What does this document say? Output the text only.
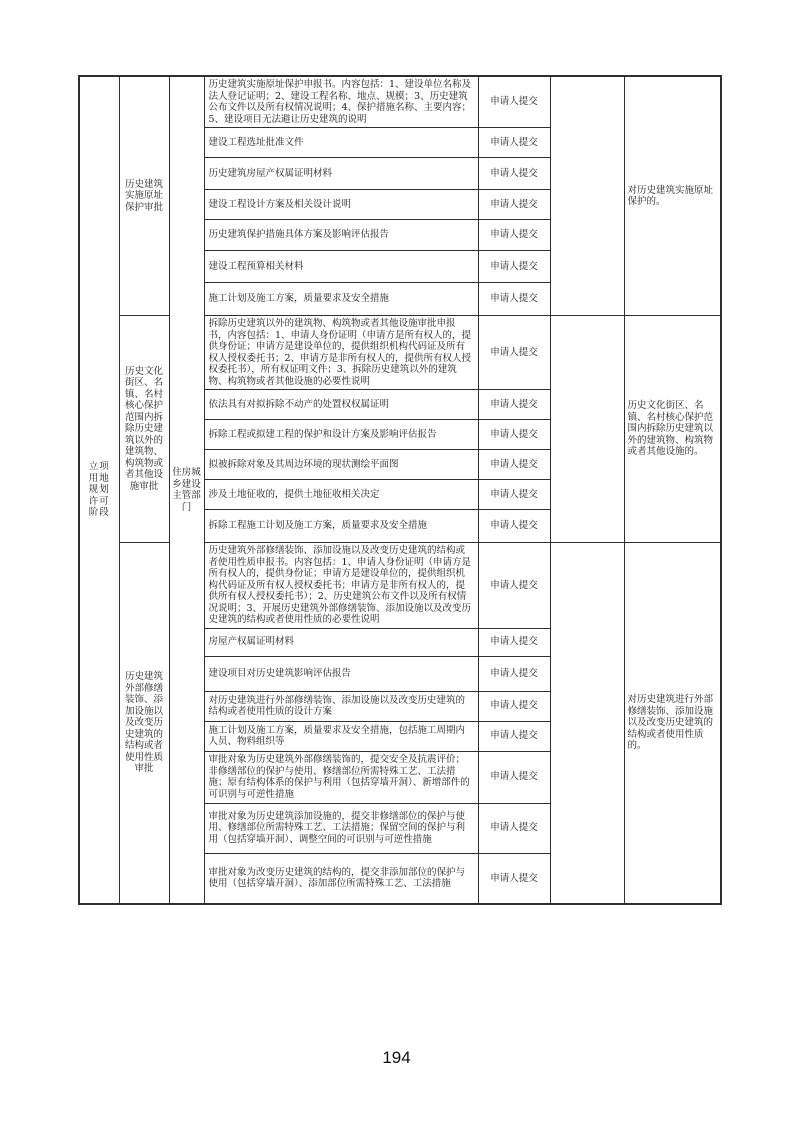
立项用地规划许可阶段	历史建筑实施原址保护审批	住房城乡建设主管部门	历史建筑实施原址保护申报书。内容包括：1、建设单位名称及法人登记证明；2、建设工程名称、地点、规模；3、历史建筑公布文件以及所有权情况说明；4、保护措施名称、主要内容；5、建设项目无法避让历史建筑的说明	申请人提交		对历史建筑实施原址保护的。
			建设工程选址批准文件	申请人提交		
			历史建筑房屋产权属证明材料	申请人提交		
			建设工程设计方案及相关设计说明	申请人提交		
			历史建筑保护措施具体方案及影响评估报告	申请人提交		
			建设工程预算相关材料	申请人提交		
			施工计划及施工方案，质量要求及安全措施	申请人提交		
	历史文化街区、名镇、名村核心保护范围内拆除历史建筑以外的建筑物、构筑物或者其他设施审批		拆除历史建筑以外的建筑物、构筑物或者其他设施审批申报书，内容包括：1、申请人身份证明（申请方是所有权人的，提供身份证；申请方是建设单位的，提供组织机构代码证及所有权人授权委托书；2、申请方是非所有权人的，提供所有权人授权委托书），所有权证明文件；3、拆除历史建筑以外的建筑物、构筑物或者其他设施的必要性说明	申请人提交		历史文化街区、名镇、名村核心保护范围内拆除历史建筑以外的建筑物、构筑物或者其他设施的。
			依法具有对拟拆除不动产的处置权权属证明	申请人提交		
			拆除工程或拟建工程的保护和设计方案及影响评估报告	申请人提交		
			拟被拆除对象及其周边环境的现状测绘平面图	申请人提交		
			涉及土地征收的，提供土地征收相关决定	申请人提交		
			拆除工程施工计划及施工方案，质量要求及安全措施	申请人提交		
	历史建筑外部修缮装饰、添加设施以及改变历史建筑的结构或者使用性质审批		历史建筑外部修缮装饰、添加设施以及改变历史建筑的结构或者使用性质申报书。内容包括：1、申请人身份证明（申请方是所有权人的，提供身份证；申请方是建设单位的，提供组织机构代码证及所有权人授权委托书；申请方是非所有权人的，提供所有权人授权委托书）；2、历史建筑公布文件以及所有权情况说明；3、开展历史建筑外部修缮装饰、添加设施以及改变历史建筑的结构或者使用性质的必要性说明	申请人提交		对历史建筑进行外部修缮装饰、添加设施以及改变历史建筑的结构或者使用性质的。
			房屋产权属证明材料	申请人提交		
			建设项目对历史建筑影响评估报告	申请人提交		
			对历史建筑进行外部修缮装饰、添加设施以及改变历史建筑的结构或者使用性质的设计方案	申请人提交		
			施工计划及施工方案，质量要求及安全措施，包括施工周期内人员、物料组织等	申请人提交		
			审批对象为历史建筑外部修缮装饰的，提交安全及抗震评价；非修缮部位的保护与使用、修缮部位所需特殊工艺、工法措施；原有结构体系的保护与利用（包括穿墙开洞）、新增部件的可识别与可逆性措施	申请人提交		
			审批对象为历史建筑添加设施的，提交非修缮部位的保护与使用、修缮部位所需特殊工艺、工法措施；保留空间的保护与利用（包括穿墙开洞）、调整空间的可识别与可逆性措施	申请人提交		
			审批对象为改变历史建筑的结构的，提交非添加部位的保护与使用（包括穿墙开洞）、添加部位所需特殊工艺、工法措施	申请人提交		
194
